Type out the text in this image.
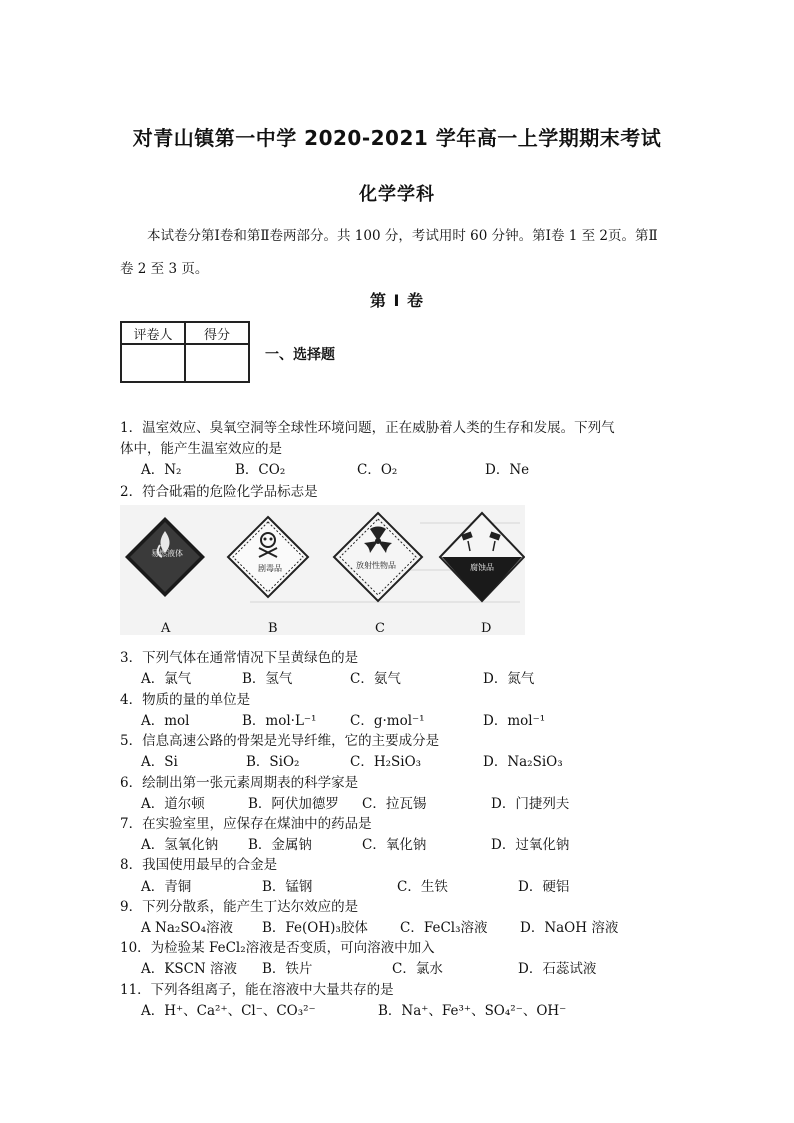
对青山镇第一中学 2020-2021 学年高一上学期期末考试
化学学科
本试卷分第Ⅰ卷和第Ⅱ卷两部分。共 100 分，考试用时 60 分钟。第Ⅰ卷 1 至 2页。第Ⅱ
卷 2 至 3 页。
第 Ⅰ 卷
评卷人	得分

一、选择题
1．温室效应、臭氧空洞等全球性环境问题，正在威胁着人类的生存和发展。下列气
体中，能产生温室效应的是
A．N₂	B．CO₂	C．O₂	D．Ne
2．符合砒霜的危险化学品标志是
易燃液体
剧毒品	放射性物品	腐蚀品
A	B	C	D
3．下列气体在通常情况下呈黄绿色的是
A．氯气	B．氢气	C．氨气	D．氮气
4．物质的量的单位是
A．mol	B．mol·L⁻¹ C．g·mol⁻¹	D．mol⁻¹
5．信息高速公路的骨架是光导纤维，它的主要成分是
A．Si	B．SiO₂	C．H₂SiO₃	D．Na₂SiO₃
6．绘制出第一张元素周期表的科学家是
A．道尔顿	B．阿伏加德罗 C．拉瓦锡	D．门捷列夫
7．在实验室里，应保存在煤油中的药品是
A．氢氧化钠 B．金属钠	C．氧化钠	D．过氧化钠
8．我国使用最早的合金是
A．青铜	B．锰钢	C．生铁	D．硬铝
9．下列分散系，能产生丁达尔效应的是
A Na₂SO₄溶液 B．Fe(OH)₃胶体 C．FeCl₃溶液 D．NaOH 溶液
10．为检验某 FeCl₂溶液是否变质，可向溶液中加入
A．KSCN 溶液 B．铁片	C．氯水	D．石蕊试液
11．下列各组离子，能在溶液中大量共存的是
A．H⁺、Ca²⁺、Cl⁻、CO₃²⁻	B．Na⁺、Fe³⁺、SO₄²⁻、OH⁻
